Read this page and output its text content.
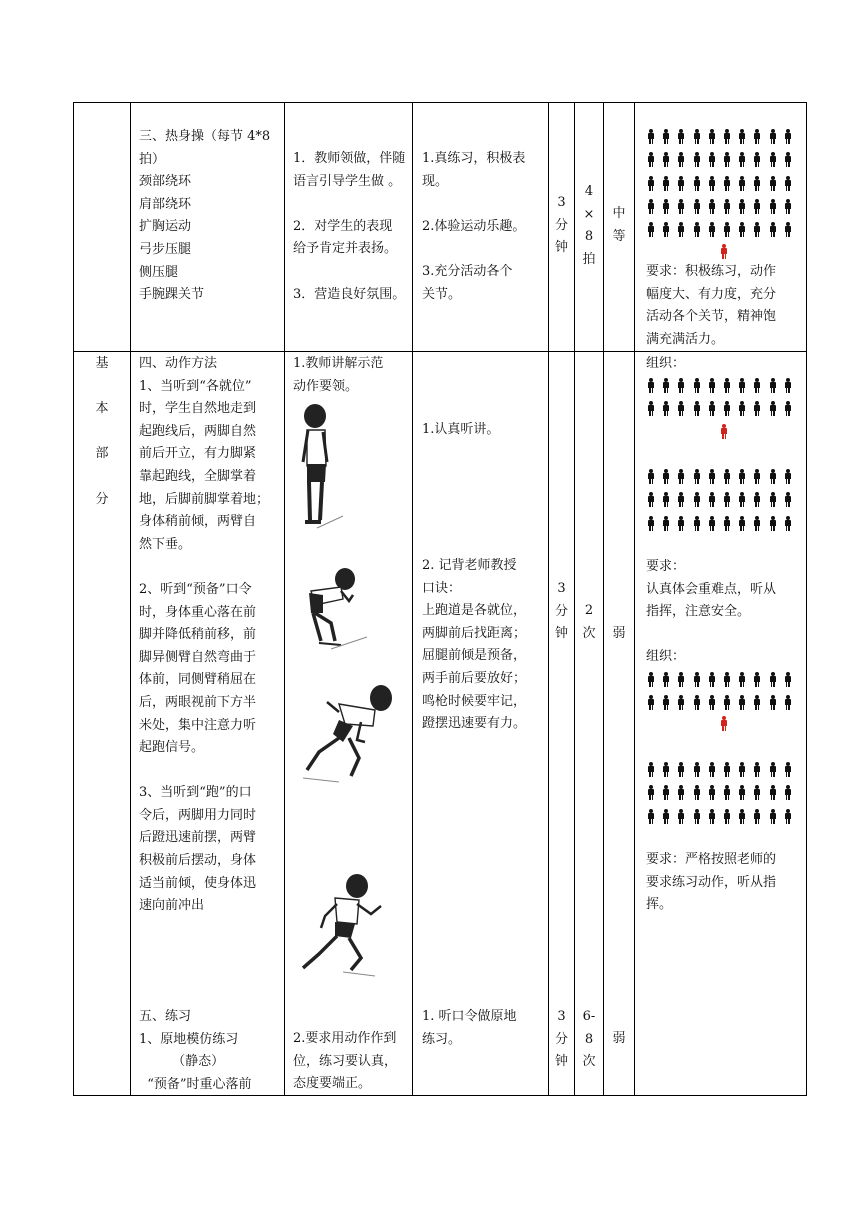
三、热身操（每节 4*8
拍）
颈部绕环
肩部绕环
扩胸运动
弓步压腿
侧压腿
手腕踝关节
1．教师领做，伴随
语言引导学生做 。

2．对学生的表现
给予肯定并表扬。

3．营造良好氛围。
1.真练习，积极表
现。

2.体验运动乐趣。

3.充分活动各个
关节。
3
分
钟
4
×
8
拍
中
等
要求：积极练习，动作
幅度大、有力度，充分
活动各个关节，精神饱
满充满活力。
基

本

部

分
四、动作方法
1、当听到“各就位”
时，学生自然地走到
起跑线后，两脚自然
前后开立，有力脚紧
靠起跑线，全脚掌着
地，后脚前脚掌着地；
身体稍前倾，两臂自
然下垂。

2、听到“预备”口令
时，身体重心落在前
脚并降低稍前移，前
脚异侧臂自然弯曲于
体前，同侧臂稍屈在
后，两眼视前下方半
米处，集中注意力听
起跑信号。

3、当听到“跑”的口
令后，两脚用力同时
后蹬迅速前摆，两臂
积极前后摆动，身体
适当前倾，使身体迅
速向前冲出
1.教师讲解示范
动作要领。
1.认真听讲。
2. 记背老师教授
口诀：
上跑道是各就位，
两脚前后找距离；
屈腿前倾是预备，
两手前后要放好；
鸣枪时候要牢记，
蹬摆迅速要有力。
3
分
钟
2
次	弱
组织：
要求：
认真体会重难点，听从
指挥，注意安全。
组织：
要求：严格按照老师的
要求练习动作，听从指
挥。
五、练习
1、原地模仿练习
（静态）
“预备”时重心落前
2.要求用动作作到
位，练习要认真，
态度要端正。
1. 听口令做原地
练习。
3
分
钟
6-
8
次
弱
